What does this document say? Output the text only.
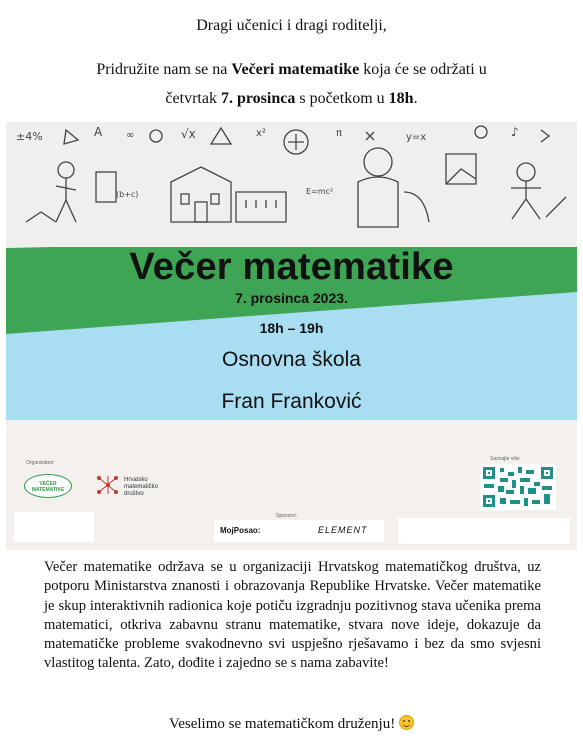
Dragi učenici i dragi roditelji,
Pridružite nam se na Večeri matematike koja će se održati u
četvrtak 7. prosinca s početkom u 18h.
±4%	A ∞	√x	x²	π	y=x	♪
E=mc²
(b+c)
Večer matematike
7. prosinca 2023.
18h – 19h
Osnovna škola
Fran Franković
Organizatori:
VEČER MATEMATIKE
Hrvatsko
matematičko
društvo
Saznajte više
Sponzori:
MojPosao:	ELEMENT
Večer matematike održava se u organizaciji Hrvatskog matematičkog društva, uz potporu Ministarstva znanosti i obrazovanja Republike Hrvatske. Večer matematike je skup interaktivnih radionica koje potiču izgradnju pozitivnog stava učenika prema matematici, otkriva zabavnu stranu matematike, stvara nove ideje, dokazuje da matematičke probleme svakodnevno svi uspješno rješavamo i bez da smo svjesni vlastitog talenta. Zato, dođite i zajedno se s nama zabavite!
Veselimo se matematičkom druženju!
